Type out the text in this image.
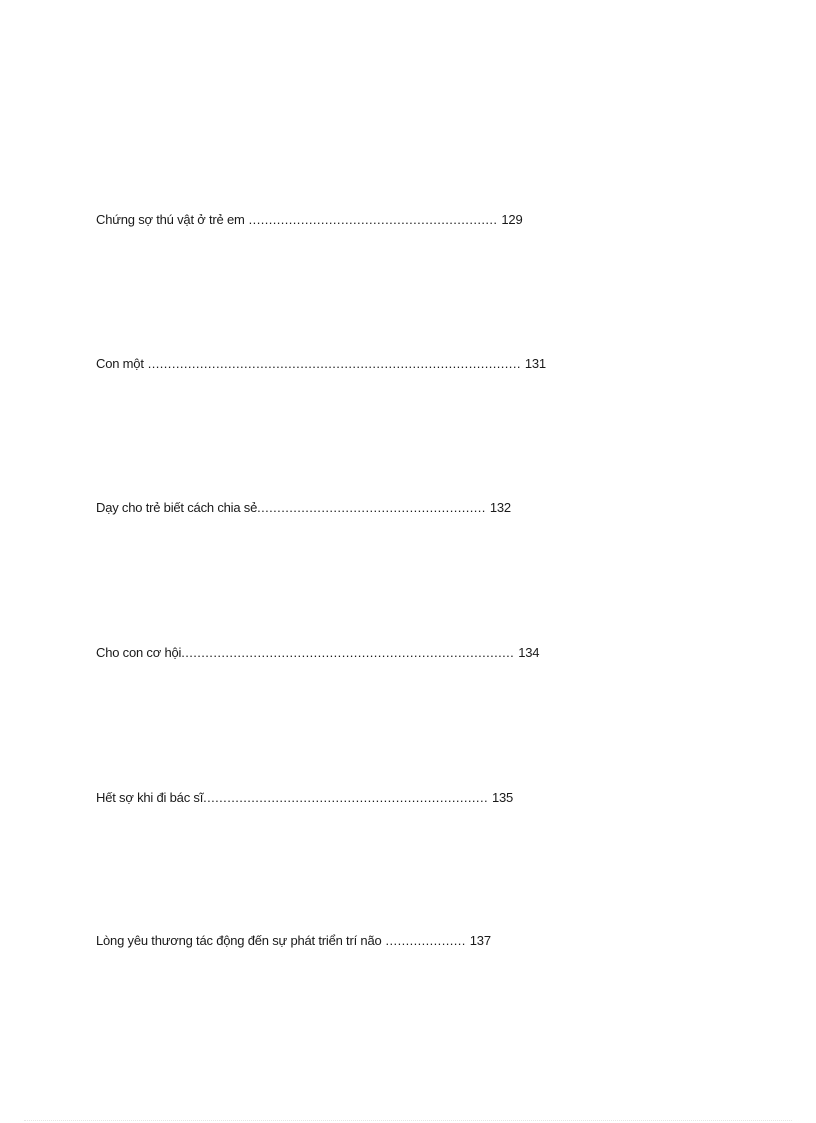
Chứng sợ thú vật ở trẻ em .............................................................. 129
Con một ............................................................................................. 131
Dạy cho trẻ biết cách chia sẻ......................................................... 132
Cho con cơ hội................................................................................... 134
Hết sợ khi đi bác sĩ....................................................................... 135
Lòng yêu thương tác động đến sự phát triển trí não .................... 137
